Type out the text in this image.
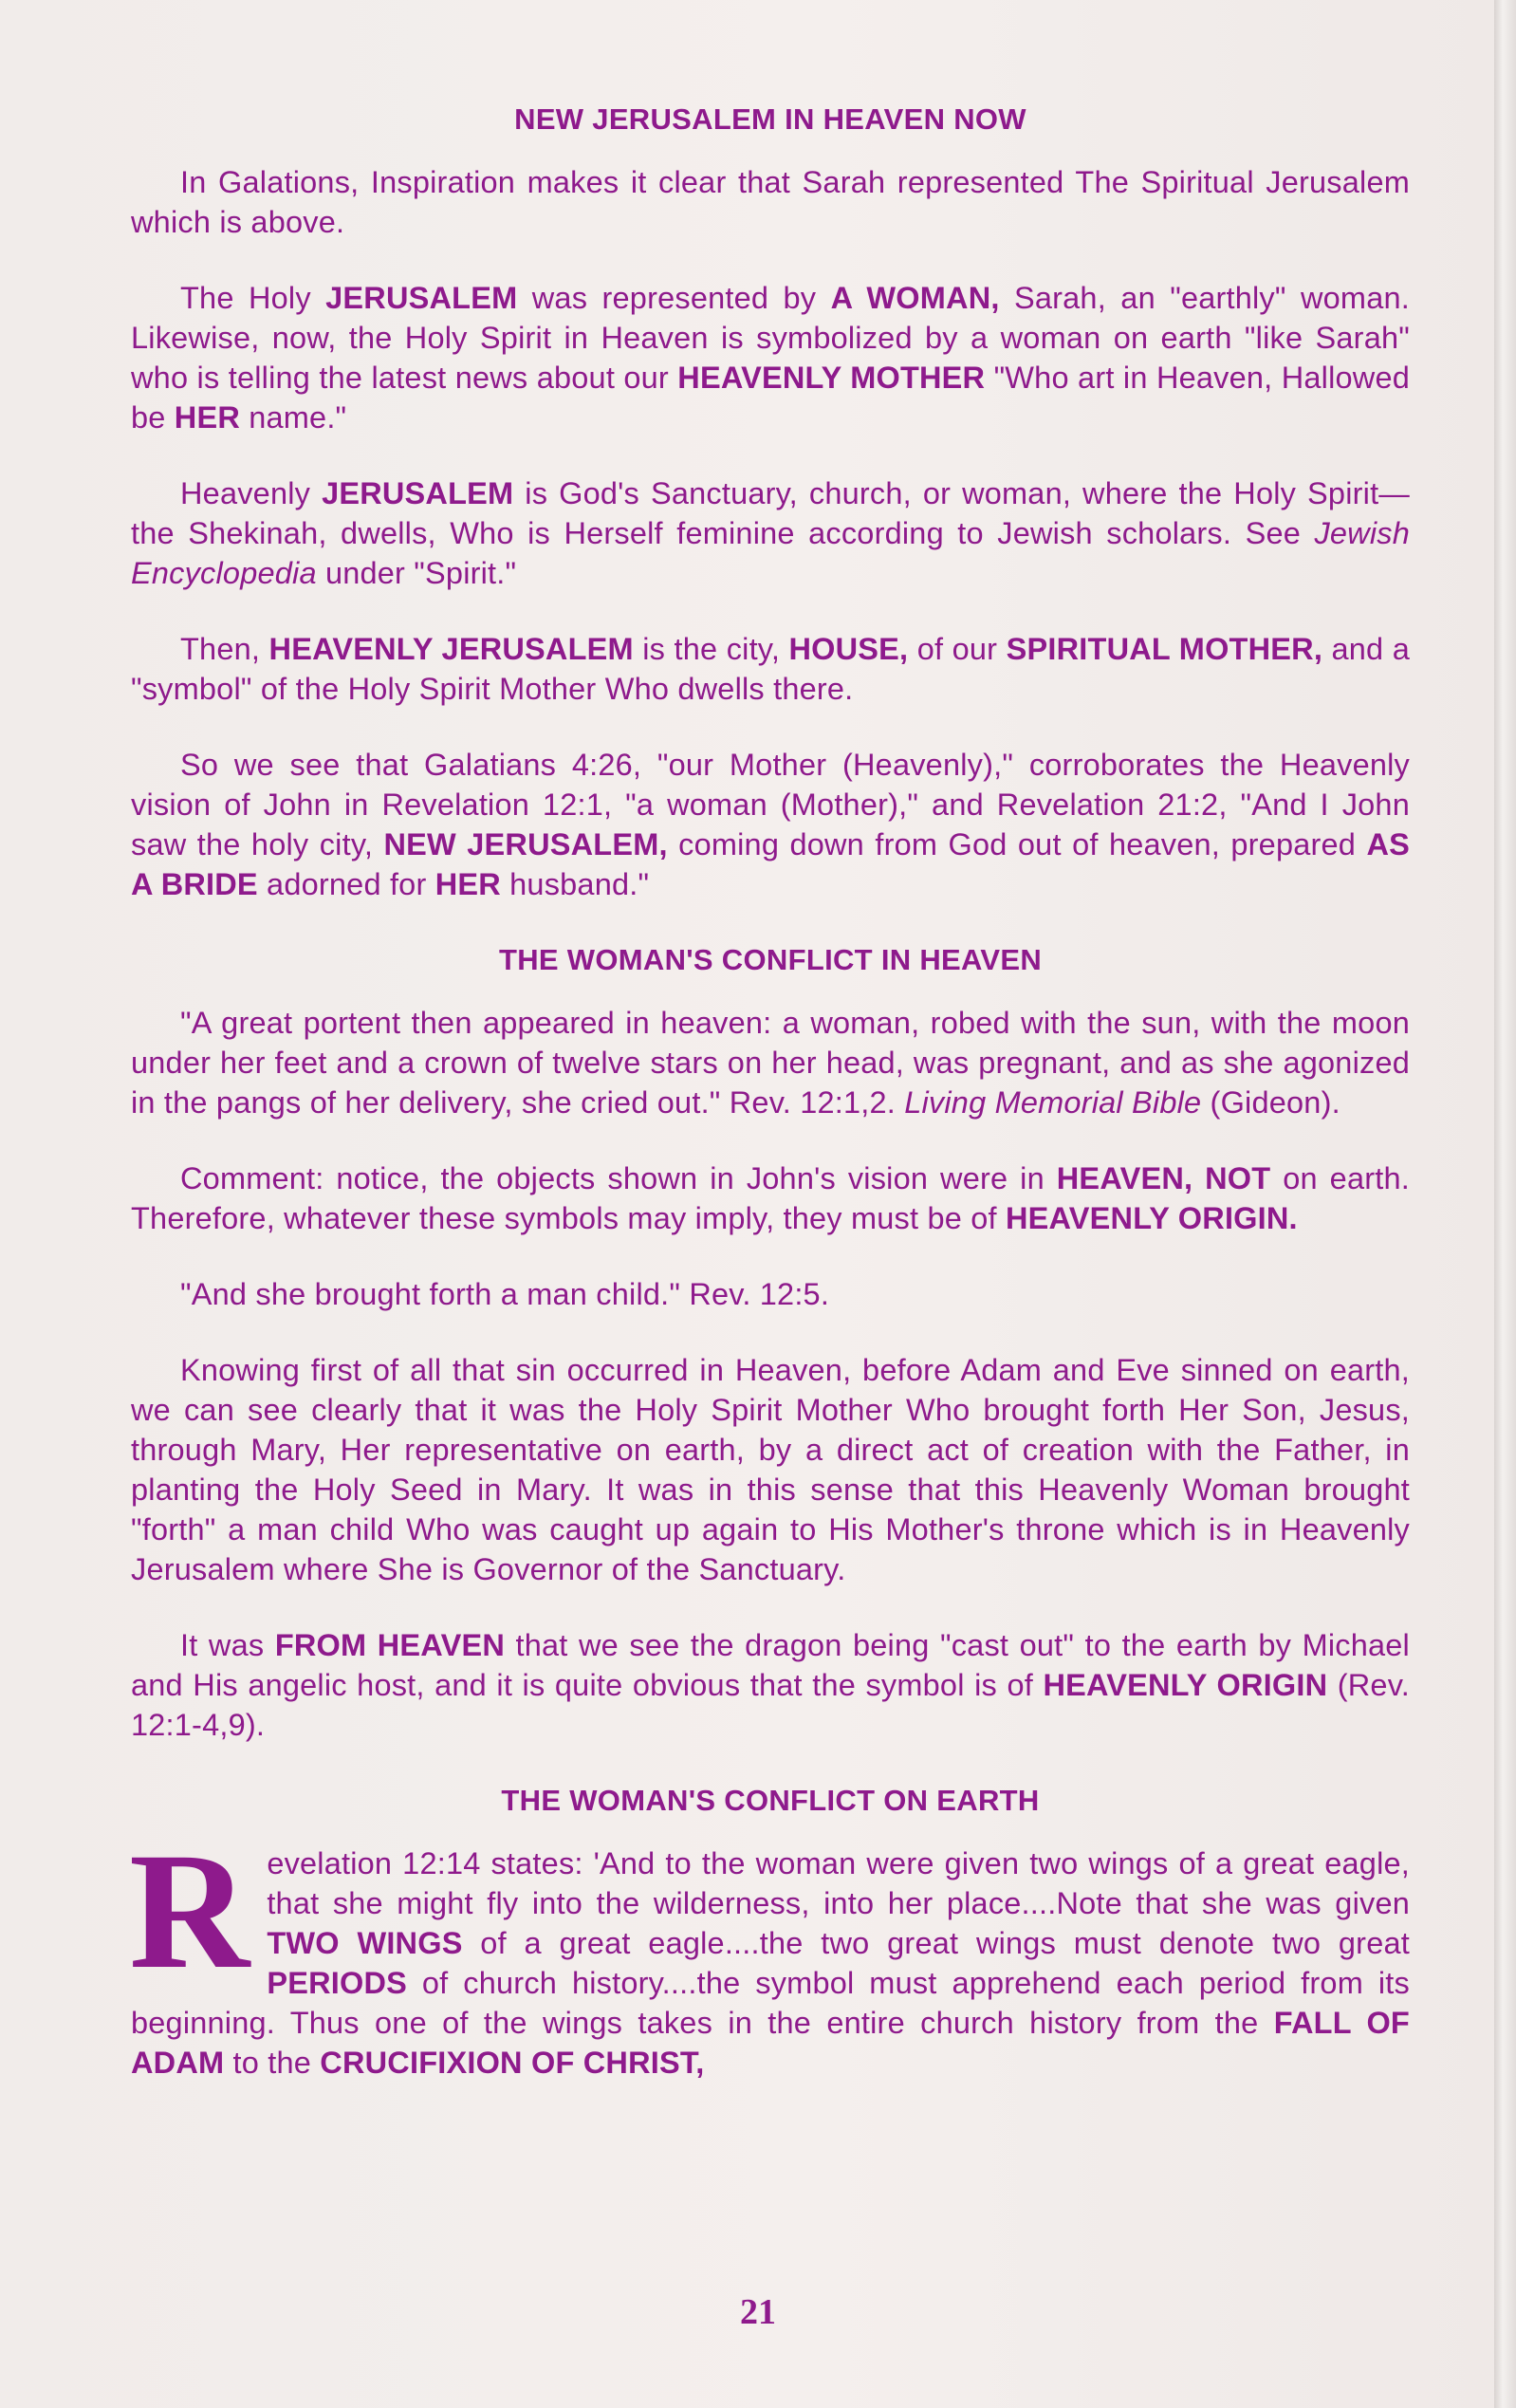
NEW JERUSALEM IN HEAVEN NOW

In Galations, Inspiration makes it clear that Sarah represented The Spiritual Jerusalem which is above.

The Holy JERUSALEM was represented by A WOMAN, Sarah, an "earthly" woman. Likewise, now, the Holy Spirit in Heaven is symbolized by a woman on earth "like Sarah" who is telling the latest news about our HEAVENLY MOTHER "Who art in Heaven, Hallowed be HER name."

Heavenly JERUSALEM is God's Sanctuary, church, or woman, where the Holy Spirit—the Shekinah, dwells, Who is Herself feminine according to Jewish scholars. See Jewish Encyclopedia under "Spirit."

Then, HEAVENLY JERUSALEM is the city, HOUSE, of our SPIRITUAL MOTHER, and a "symbol" of the Holy Spirit Mother Who dwells there.

So we see that Galatians 4:26, "our Mother (Heavenly)," corroborates the Heavenly vision of John in Revelation 12:1, "a woman (Mother)," and Revelation 21:2, "And I John saw the holy city, NEW JERUSALEM, coming down from God out of heaven, prepared AS A BRIDE adorned for HER husband."

THE WOMAN'S CONFLICT IN HEAVEN

"A great portent then appeared in heaven: a woman, robed with the sun, with the moon under her feet and a crown of twelve stars on her head, was pregnant, and as she agonized in the pangs of her delivery, she cried out." Rev. 12:1,2. Living Memorial Bible (Gideon).

Comment: notice, the objects shown in John's vision were in HEAVEN, NOT on earth. Therefore, whatever these symbols may imply, they must be of HEAVENLY ORIGIN.

"And she brought forth a man child." Rev. 12:5.

Knowing first of all that sin occurred in Heaven, before Adam and Eve sinned on earth, we can see clearly that it was the Holy Spirit Mother Who brought forth Her Son, Jesus, through Mary, Her representative on earth, by a direct act of creation with the Father, in planting the Holy Seed in Mary. It was in this sense that this Heavenly Woman brought "forth" a man child Who was caught up again to His Mother's throne which is in Heavenly Jerusalem where She is Governor of the Sanctuary.

It was FROM HEAVEN that we see the dragon being "cast out" to the earth by Michael and His angelic host, and it is quite obvious that the symbol is of HEAVENLY ORIGIN (Rev. 12:1-4,9).

THE WOMAN'S CONFLICT ON EARTH

Revelation 12:14 states: 'And to the woman were given two wings of a great eagle, that she might fly into the wilderness, into her place....Note that she was given TWO WINGS of a great eagle....the two great wings must denote two great PERIODS of church history....the symbol must apprehend each period from its beginning. Thus one of the wings takes in the entire church history from the FALL OF ADAM to the CRUCIFIXION OF CHRIST,

21
